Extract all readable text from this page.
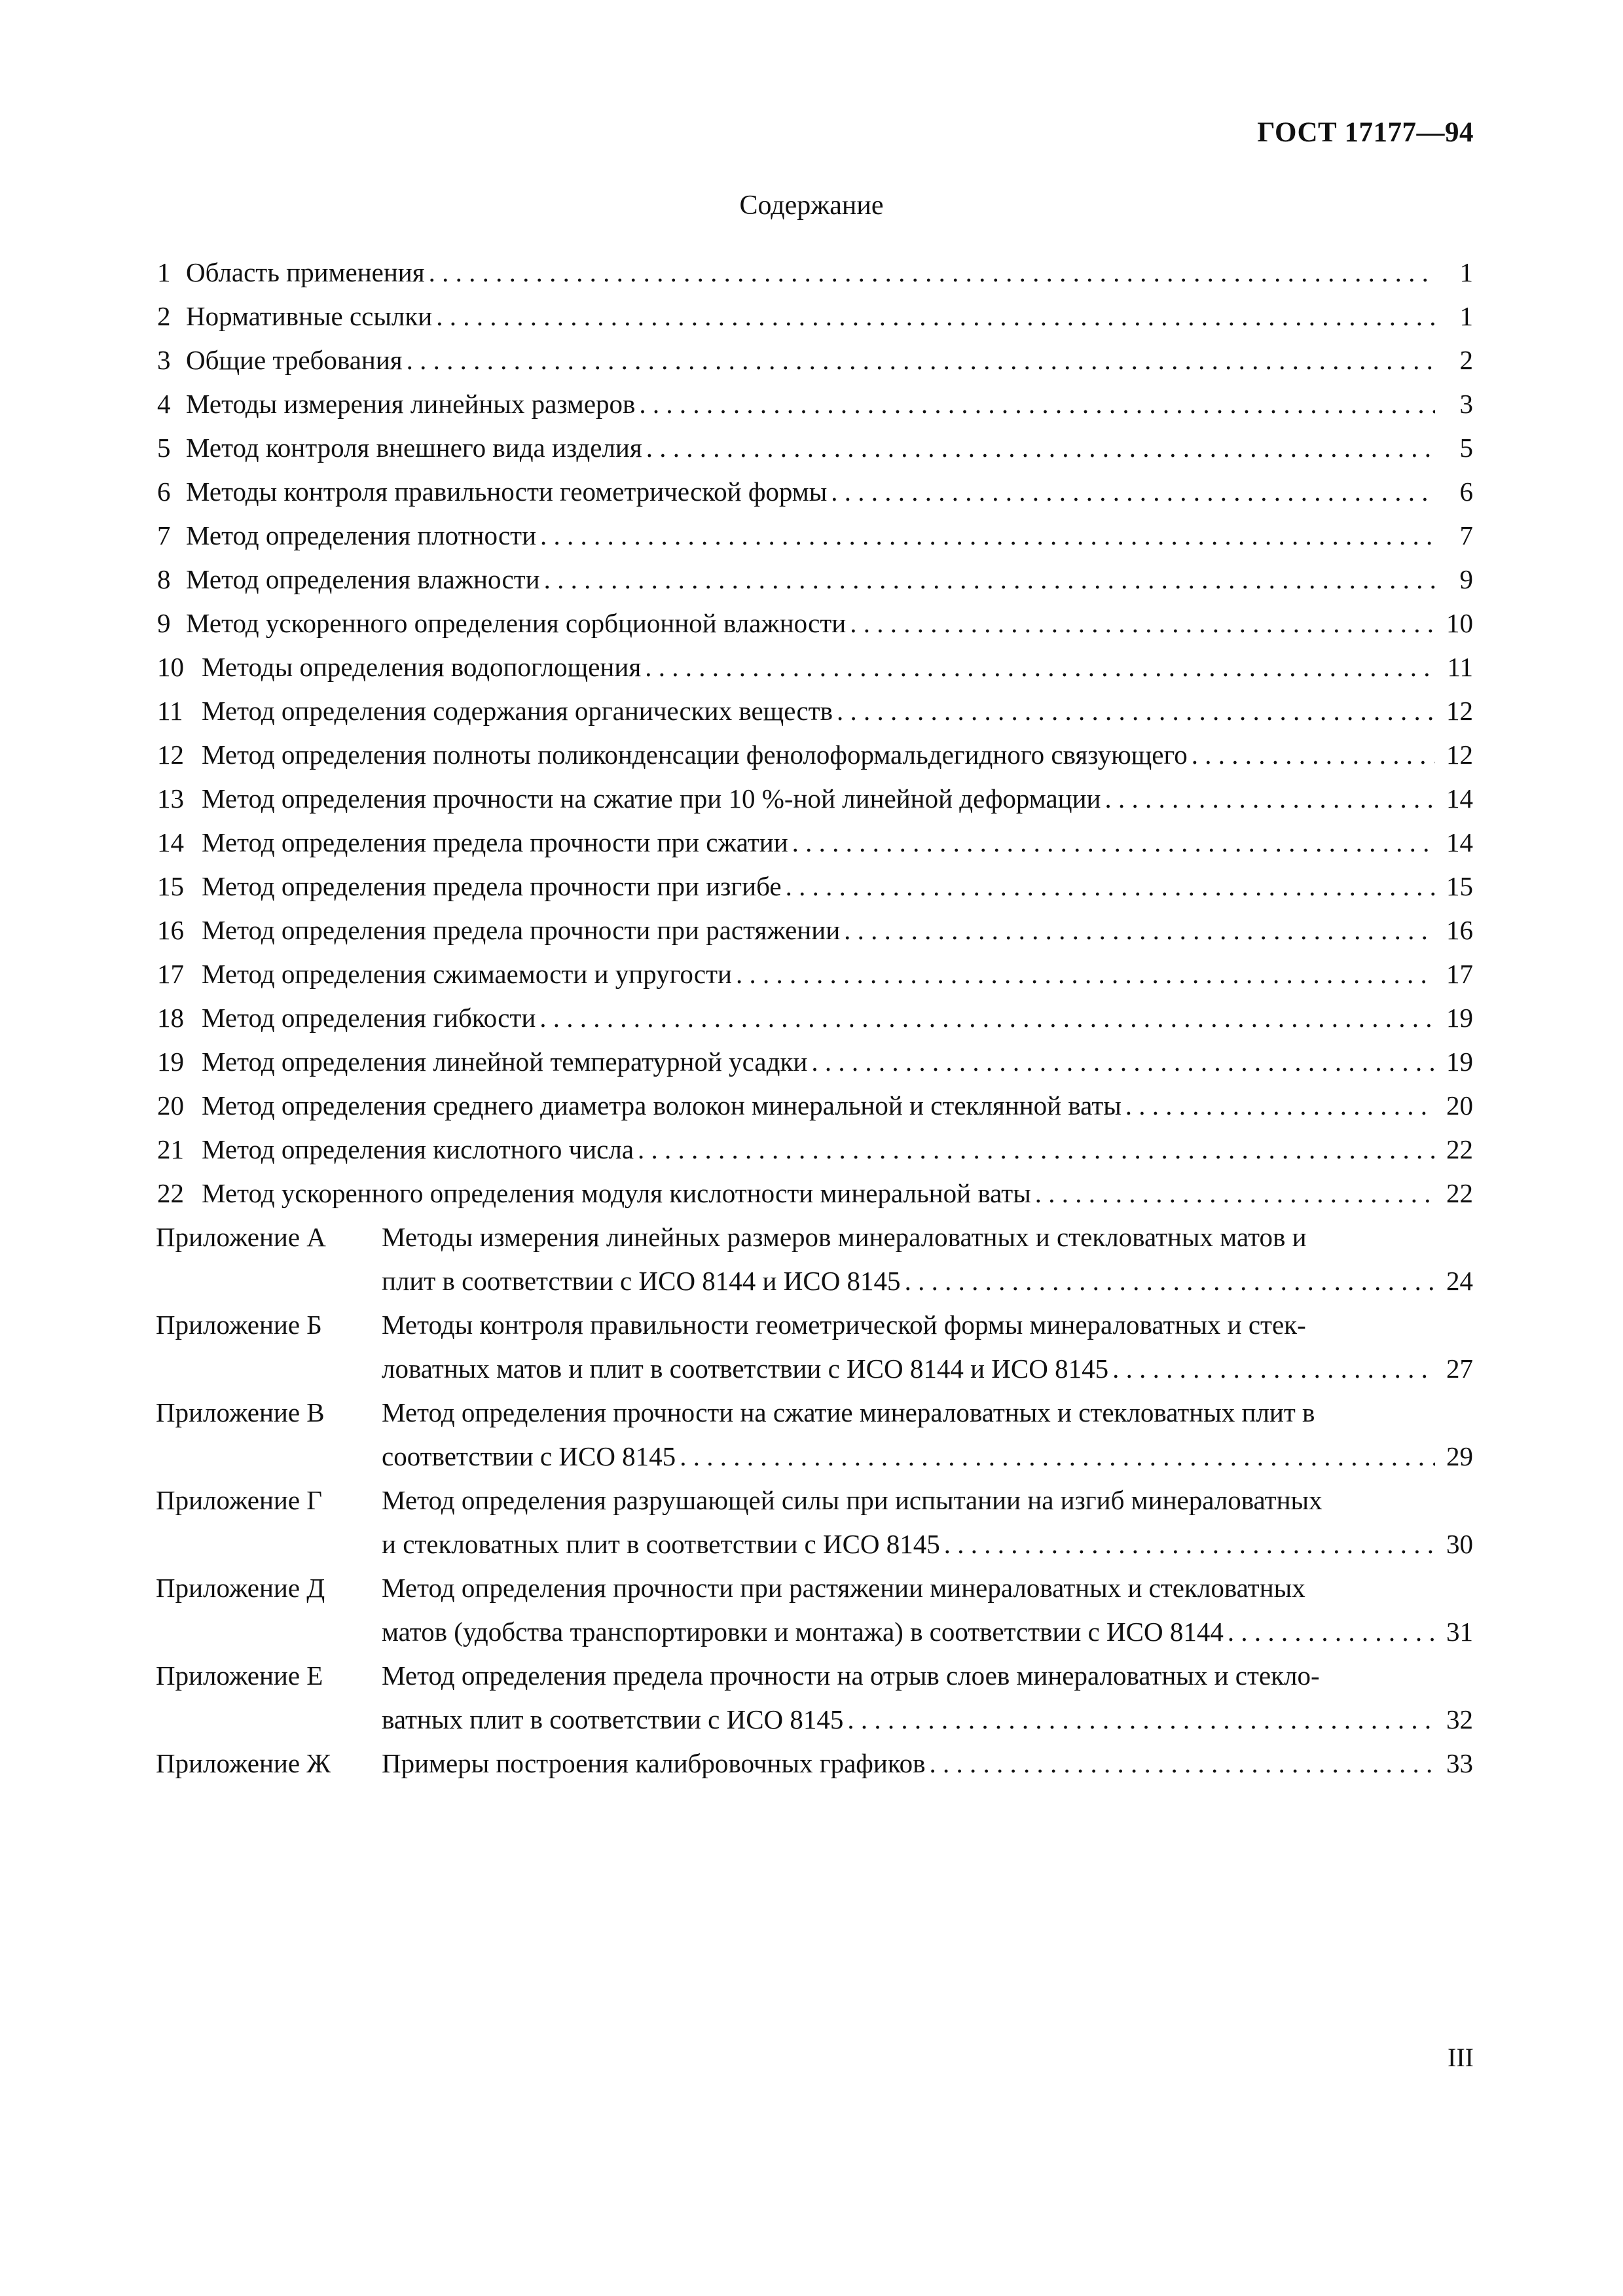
ГОСТ 17177—94
Содержание
1 Область применения . . .	1
2 Нормативные ссылки . . .	1
3 Общие требования . . .	2
4 Методы измерения линейных размеров . . .	3
5 Метод контроля внешнего вида изделия . . .	5
6 Методы контроля правильности геометрической формы . . .	6
7 Метод определения плотности . . .	7
8 Метод определения влажности . . .	9
9 Метод ускоренного определения сорбционной влажности . . .	10
10 Методы определения водопоглощения . . .	11
11 Метод определения содержания органических веществ . . .	12
12 Метод определения полноты поликонденсации фенолоформальдегидного связующего . . .	12
13 Метод определения прочности на сжатие при 10 %-ной линейной деформации . . .	14
14 Метод определения предела прочности при сжатии . . .	14
15 Метод определения предела прочности при изгибе . . .	15
16 Метод определения предела прочности при растяжении . . .	16
17 Метод определения сжимаемости и упругости . . .	17
18 Метод определения гибкости . . .	19
19 Метод определения линейной температурной усадки . . .	19
20 Метод определения среднего диаметра волокон минеральной и стеклянной ваты . . .	20
21 Метод определения кислотного числа . . .	22
22 Метод ускоренного определения модуля кислотности минеральной ваты . . .	22
Приложение А	Методы измерения линейных размеров минераловатных и стекловатных матов и
плит в соответствии с ИСО 8144 и ИСО 8145 . . .	24
Приложение Б	Методы контроля правильности геометрической формы минераловатных и стек-
ловатных матов и плит в соответствии с ИСО 8144 и ИСО 8145 . . .	27
Приложение В	Метод определения прочности на сжатие минераловатных и стекловатных плит в
соответствии с ИСО 8145 . . .	29
Приложение Г	Метод определения разрушающей силы при испытании на изгиб минераловатных
и стекловатных плит в соответствии с ИСО 8145 . . .	30
Приложение Д	Метод определения прочности при растяжении минераловатных и стекловатных
матов (удобства транспортировки и монтажа) в соответствии с ИСО 8144 . . .	31
Приложение Е	Метод определения предела прочности на отрыв слоев минераловатных и стекло-
ватных плит в соответствии с ИСО 8145 . . .	32
Приложение Ж	Примеры построения калибровочных графиков . . .	33
III
